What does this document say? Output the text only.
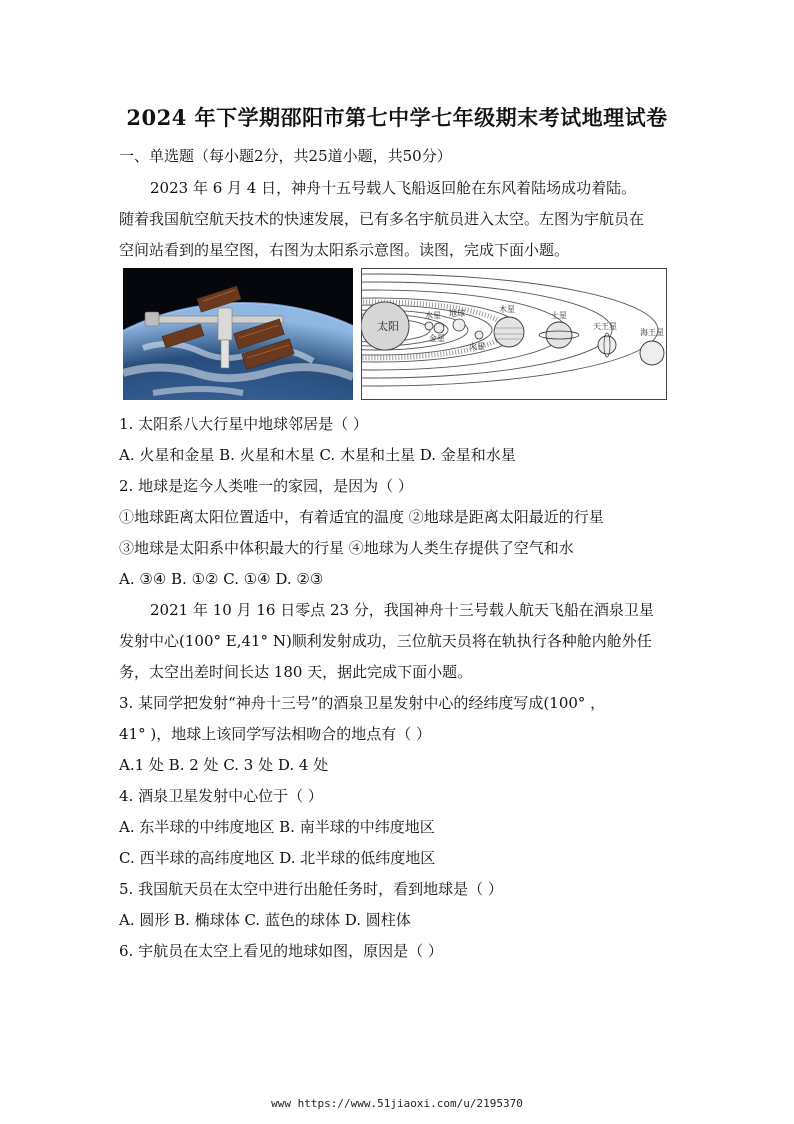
2024 年下学期邵阳市第七中学七年级期末考试地理试卷
一、单选题（每小题2分，共25道小题，共50分）
2023 年 6 月 4 日，神舟十五号载人飞船返回舱在东风着陆场成功着陆。
随着我国航空航天技术的快速发展，已有多名宇航员进入太空。左图为宇航员在
空间站看到的星空图，右图为太阳系示意图。读图，完成下面小题。
太阳
水星
金星
地球
火星
木星
土星
天王星
海王星
1. 太阳系八大行星中地球邻居是（ ）
A. 火星和金星 B. 火星和木星 C. 木星和土星 D. 金星和水星
2. 地球是迄今人类唯一的家园，是因为（ ）
①地球距离太阳位置适中，有着适宜的温度 ②地球是距离太阳最近的行星
③地球是太阳系中体积最大的行星 ④地球为人类生存提供了空气和水
A. ③④ B. ①② C. ①④ D. ②③
2021 年 10 月 16 日零点 23 分，我国神舟十三号载人航天飞船在酒泉卫星
发射中心(100° E,41° N)顺利发射成功，三位航天员将在轨执行各种舱内舱外任
务，太空出差时间长达 180 天，据此完成下面小题。
3. 某同学把发射“神舟十三号”的酒泉卫星发射中心的经纬度写成(100° ，
41° )，地球上该同学写法相吻合的地点有（ ）
A.1 处 B. 2 处 C. 3 处 D. 4 处
4. 酒泉卫星发射中心位于（ ）
A. 东半球的中纬度地区 B. 南半球的中纬度地区
C. 西半球的高纬度地区 D. 北半球的低纬度地区
5. 我国航天员在太空中进行出舱任务时，看到地球是（ ）
A. 圆形 B. 椭球体 C. 蓝色的球体 D. 圆柱体
6. 宇航员在太空上看见的地球如图，原因是（ ）
www https://www.51jiaoxi.com/u/2195370
